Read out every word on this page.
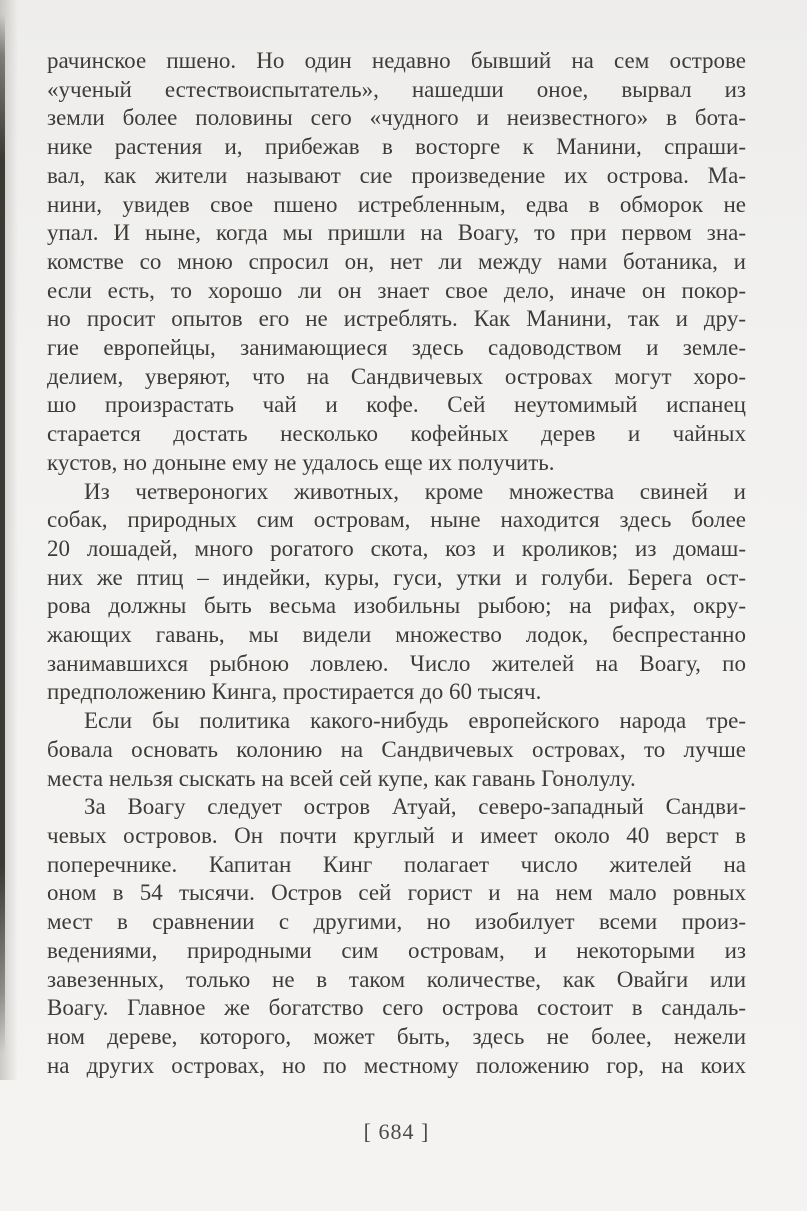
рачинское пшено. Но один недавно бывший на сем острове
«ученый естествоиспытатель», нашедши оное, вырвал из
земли более половины сего «чудного и неизвестного» в бота-
нике растения и, прибежав в восторге к Манини, спраши-
вал, как жители называют сие произведение их острова. Ма-
нини, увидев свое пшено истребленным, едва в обморок не
упал. И ныне, когда мы пришли на Воагу, то при первом зна-
комстве со мною спросил он, нет ли между нами ботаника, и
если есть, то хорошо ли он знает свое дело, иначе он покор-
но просит опытов его не истреблять. Как Манини, так и дру-
гие европейцы, занимающиеся здесь садоводством и земле-
делием, уверяют, что на Сандвичевых островах могут хоро-
шо произрастать чай и кофе. Сей неутомимый испанец
старается достать несколько кофейных дерев и чайных
кустов, но доныне ему не удалось еще их получить.
Из четвероногих животных, кроме множества свиней и
собак, природных сим островам, ныне находится здесь более
20 лошадей, много рогатого скота, коз и кроликов; из домаш-
них же птиц – индейки, куры, гуси, утки и голуби. Берега ост-
рова должны быть весьма изобильны рыбою; на рифах, окру-
жающих гавань, мы видели множество лодок, беспрестанно
занимавшихся рыбною ловлею. Число жителей на Воагу, по
предположению Кинга, простирается до 60 тысяч.
Если бы политика какого-нибудь европейского народа тре-
бовала основать колонию на Сандвичевых островах, то лучше
места нельзя сыскать на всей сей купе, как гавань Гонолулу.
За Воагу следует остров Атуай, северо-западный Сандви-
чевых островов. Он почти круглый и имеет около 40 верст в
поперечнике. Капитан Кинг полагает число жителей на
оном в 54 тысячи. Остров сей горист и на нем мало ровных
мест в сравнении с другими, но изобилует всеми произ-
ведениями, природными сим островам, и некоторыми из
завезенных, только не в таком количестве, как Овайги или
Воагу. Главное же богатство сего острова состоит в сандаль-
ном дереве, которого, может быть, здесь не более, нежели
на других островах, но по местному положению гор, на коих
[ 684 ]
